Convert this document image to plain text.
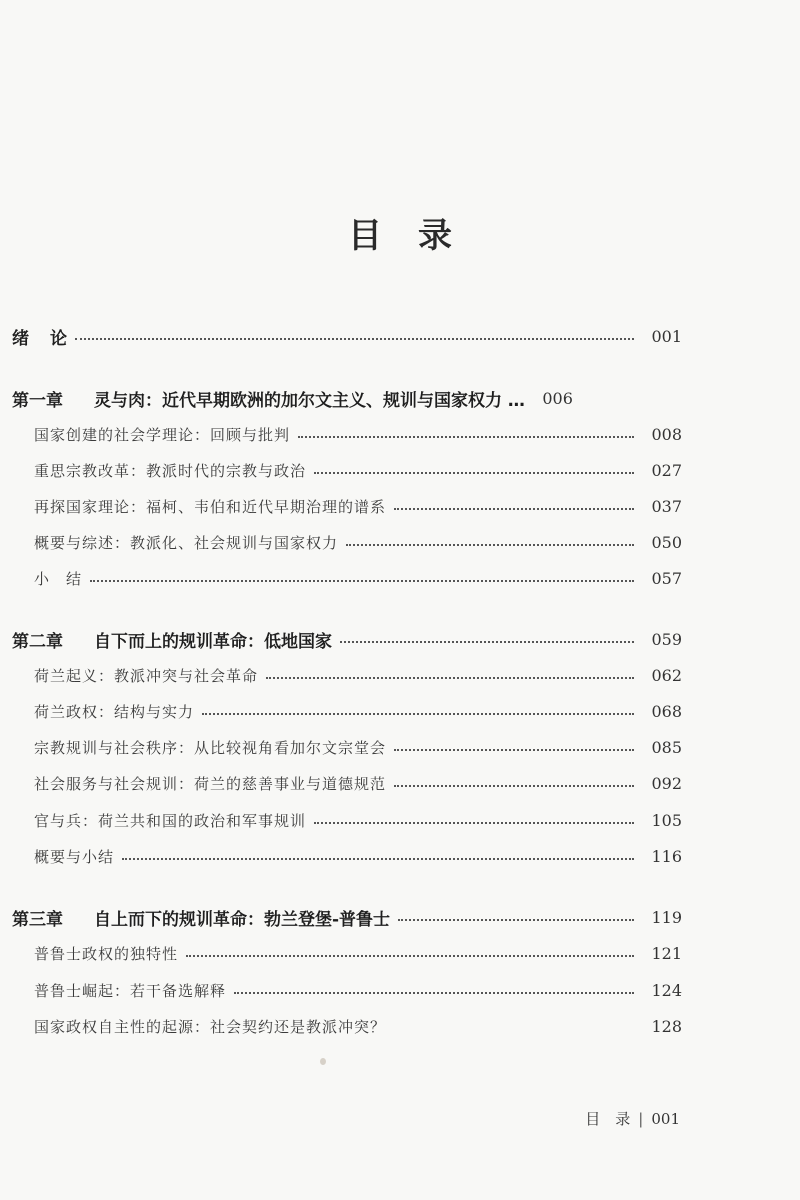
目 录
绪 论	001
第一章 灵与肉：近代早期欧洲的加尔文主义、规训与国家权力 …	006
国家创建的社会学理论：回顾与批判	008
重思宗教改革：教派时代的宗教与政治	027
再探国家理论：福柯、韦伯和近代早期治理的谱系	037
概要与综述：教派化、社会规训与国家权力	050
小　结	057
第二章 自下而上的规训革命：低地国家	059
荷兰起义：教派冲突与社会革命	062
荷兰政权：结构与实力	068
宗教规训与社会秩序：从比较视角看加尔文宗堂会	085
社会服务与社会规训：荷兰的慈善事业与道德规范	092
官与兵：荷兰共和国的政治和军事规训	105
概要与小结	116
第三章 自上而下的规训革命：勃兰登堡-普鲁士	119
普鲁士政权的独特性	121
普鲁士崛起：若干备选解释	124
国家政权自主性的起源：社会契约还是教派冲突？	128
目　录 | 001
